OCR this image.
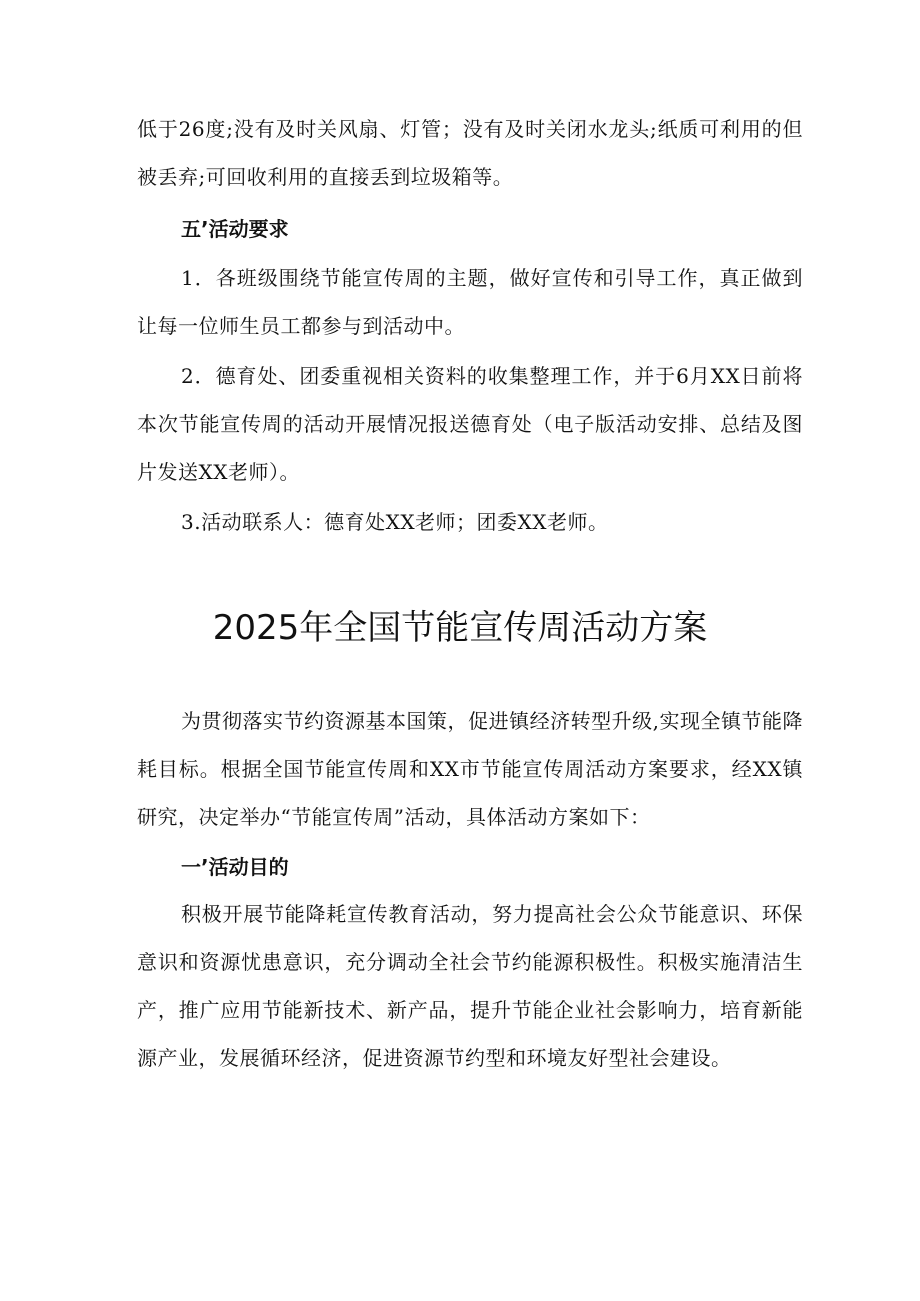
低于26度;没有及时关风扇、灯管；没有及时关闭水龙头;纸质可利用的但被丢弃;可回收利用的直接丢到垃圾箱等。

五’活动要求

1．各班级围绕节能宣传周的主题，做好宣传和引导工作，真正做到让每一位师生员工都参与到活动中。

2．德育处、团委重视相关资料的收集整理工作，并于6月XX日前将本次节能宣传周的活动开展情况报送德育处（电子版活动安排、总结及图片发送XX老师）。

3.活动联系人：德育处XX老师；团委XX老师。

2025年全国节能宣传周活动方案

为贯彻落实节约资源基本国策，促进镇经济转型升级,实现全镇节能降耗目标。根据全国节能宣传周和XX市节能宣传周活动方案要求，经XX镇研究，决定举办“节能宣传周”活动，具体活动方案如下：

一’活动目的

积极开展节能降耗宣传教育活动，努力提高社会公众节能意识、环保意识和资源忧患意识，充分调动全社会节约能源积极性。积极实施清洁生产，推广应用节能新技术、新产品，提升节能企业社会影响力，培育新能源产业，发展循环经济，促进资源节约型和环境友好型社会建设。
